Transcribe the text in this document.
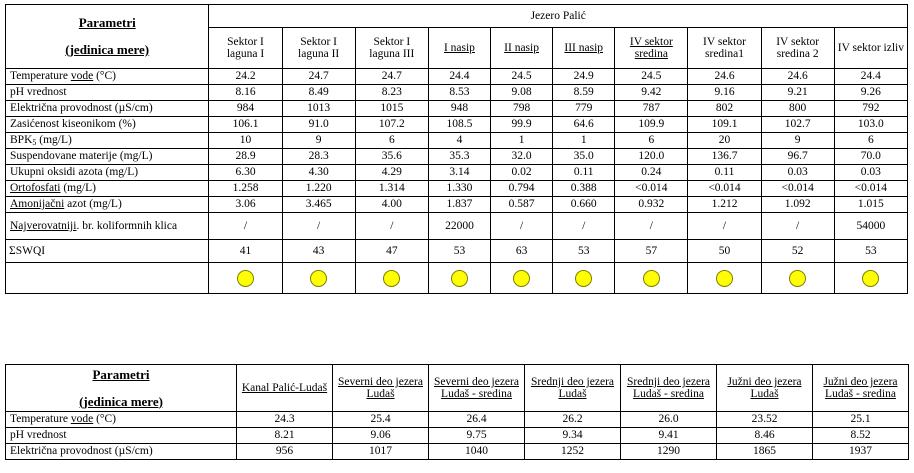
Parametri
(jedinica mere)	Jezero Palić									
	Sektor I laguna I	Sektor I laguna II	Sektor I laguna III	I nasip	II nasip	III nasip	IV sektor sredina	IV sektor sredina1	IV sektor sredina 2	IV sektor izliv
Temperature vode (°C)	24.2	24.7	24.7	24.4	24.5	24.9	24.5	24.6	24.6	24.4
pH vrednost	8.16	8.49	8.23	8.53	9.08	8.59	9.42	9.16	9.21	9.26
Električna provodnost (µS/cm)	984	1013	1015	948	798	779	787	802	800	792
Zasićenost kiseonikom (%)	106.1	91.0	107.2	108.5	99.9	64.6	109.9	109.1	102.7	103.0
$BPK_5$ (mg/L)	10	9	6	4	1	1	6	20	9	6
Suspendovane materije (mg/L)	28.9	28.3	35.6	35.3	32.0	35.0	120.0	136.7	96.7	70.0
Ukupni oksidi azota (mg/L)	6.30	4.30	4.29	3.14	0.02	0.11	0.24	0.11	0.03	0.03
Ortofosfati (mg/L)	1.258	1.220	1.314	1.330	0.794	0.388	<0.014	<0.014	<0.014	<0.014
Amonijačni azot (mg/L)	3.06	3.465	4.00	1.837	0.587	0.660	0.932	1.212	1.092	1.015
Najverovatniji. br. koliformnih klica	/	/	/	22000	/	/	/	/	/	54000
ΣSWQI	41	43	47	53	63	53	57	50	52	53

Parametri
(jedinica mere)	Kanal Palić-Ludaš	Severni deo jezera Ludaš	Severni deo jezera Ludaš - sredina	Srednji deo jezera Ludaš	Srednji deo jezera Ludaš - sredina	Južni deo jezera Ludaš	Južni deo jezera Ludaš - sredina
Temperature vode (°C)	24.3	25.4	26.4	26.2	26.0	23.52	25.1
pH vrednost	8.21	9.06	9.75	9.34	9.41	8.46	8.52
Električna provodnost (µS/cm)	956	1017	1040	1252	1290	1865	1937
